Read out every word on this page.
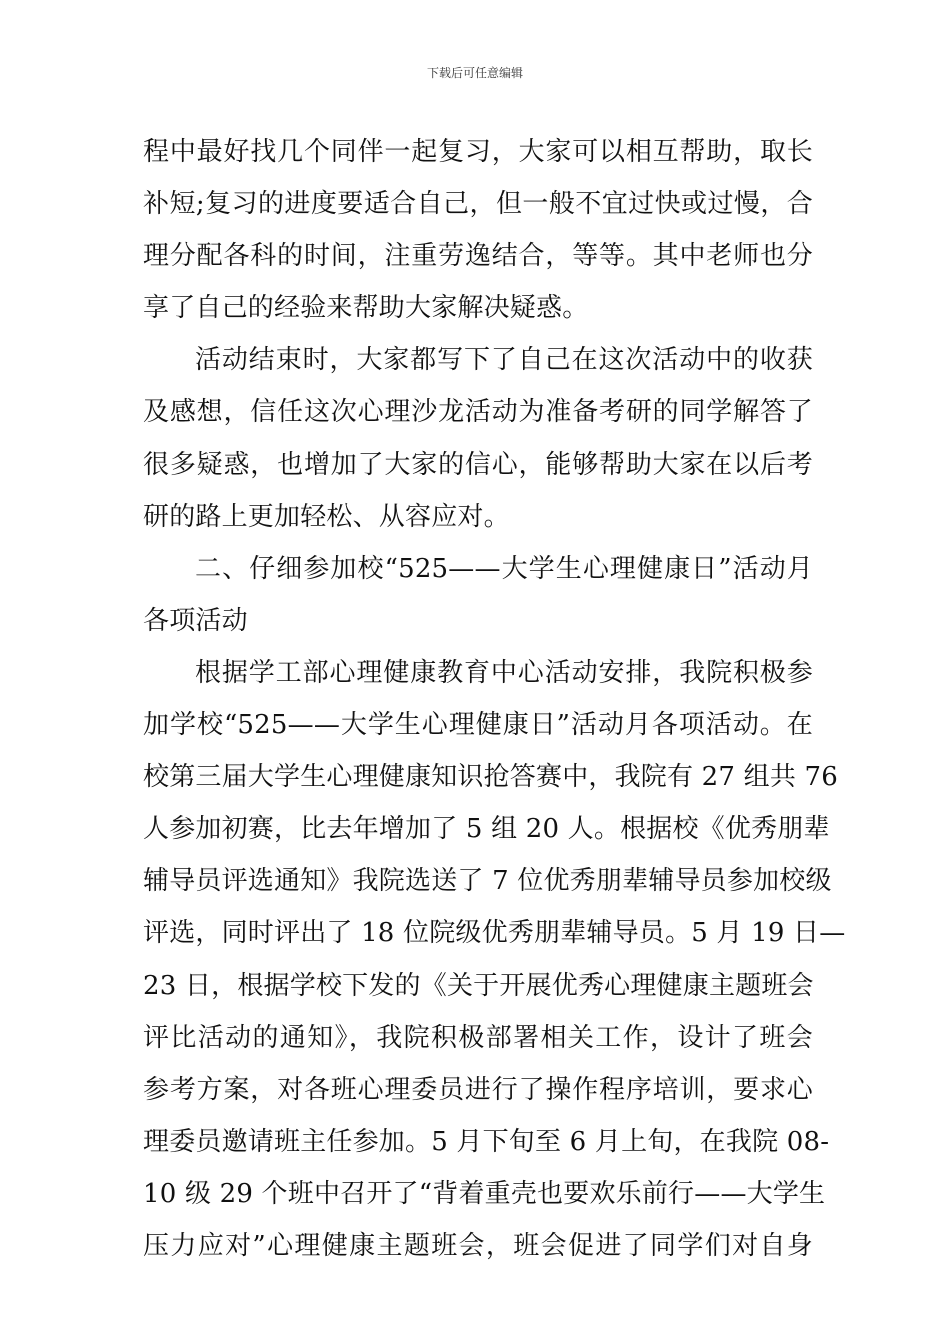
下载后可任意编辑
程中最好找几个同伴一起复习，大家可以相互帮助，取长
补短;复习的进度要适合自己，但一般不宜过快或过慢，合
理分配各科的时间，注重劳逸结合，等等。其中老师也分
享了自己的经验来帮助大家解决疑惑。
活动结束时，大家都写下了自己在这次活动中的收获
及感想，信任这次心理沙龙活动为准备考研的同学解答了
很多疑惑，也增加了大家的信心，能够帮助大家在以后考
研的路上更加轻松、从容应对。
二、仔细参加校“525——大学生心理健康日”活动月
各项活动
根据学工部心理健康教育中心活动安排，我院积极参
加学校“525——大学生心理健康日”活动月各项活动。在
校第三届大学生心理健康知识抢答赛中，我院有 27 组共 76
人参加初赛，比去年增加了 5 组 20 人。根据校《优秀朋辈
辅导员评选通知》我院选送了 7 位优秀朋辈辅导员参加校级
评选，同时评出了 18 位院级优秀朋辈辅导员。5 月 19 日—
23 日，根据学校下发的《关于开展优秀心理健康主题班会
评比活动的通知》，我院积极部署相关工作，设计了班会
参考方案，对各班心理委员进行了操作程序培训，要求心
理委员邀请班主任参加。5 月下旬至 6 月上旬，在我院 08-
10 级 29 个班中召开了“背着重壳也要欢乐前行——大学生
压力应对”心理健康主题班会，班会促进了同学们对自身
